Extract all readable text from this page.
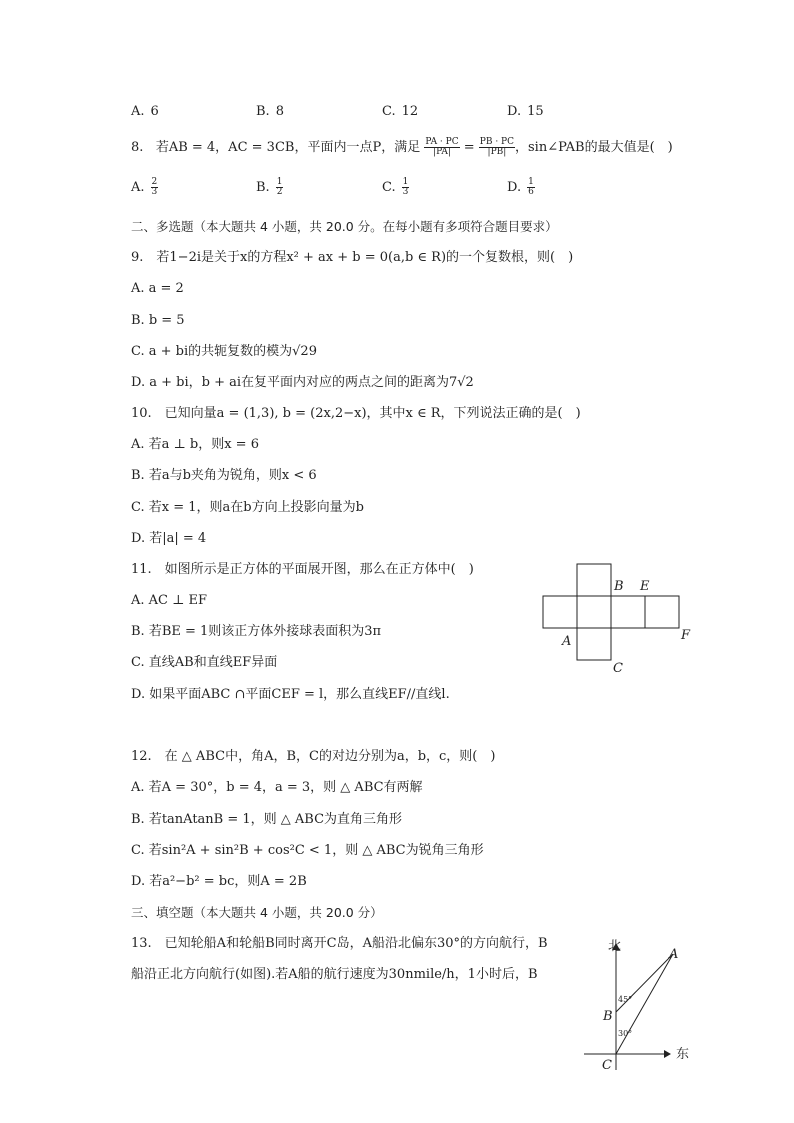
A. 6	B. 8	C. 12	D. 15
8. 若AB = 4，AC = 3CB，平面内一点P，满足 $\frac{PA \cdot PC}{|PA|} = \frac{PB \cdot PC}{|PB|}$ ，sin∠PAB的最大值是(　)
A. $\frac{2}{3}$	B. $\frac{1}{2}$	C. $\frac{1}{3}$	D. $\frac{1}{6}$
二、多选题（本大题共 4 小题，共 20.0 分。在每小题有多项符合题目要求）
9.　若1−2i是关于x的方程x² + ax + b = 0(a,b ∈ R)的一个复数根，则(　)
A. a = 2
B. b = 5
C. a + bi的共轭复数的模为√29
D. a + bi，b + ai在复平面内对应的两点之间的距离为7√2
10.　已知向量a = (1,3), b = (2x,2−x)，其中x ∈ R，下列说法正确的是(　)
A. 若a ⊥ b，则x = 6
B. 若a与b夹角为锐角，则x < 6
C. 若x = 1，则a在b方向上投影向量为b
D. 若|a| = 4
11.　如图所示是正方体的平面展开图，那么在正方体中(　)
A. AC ⊥ EF
B. 若BE = 1则该正方体外接球表面积为3π
C. 直线AB和直线EF异面
D. 如果平面ABC ∩平面CEF = l，那么直线EF//直线l.
B E
A	F
C
12.　在 △ ABC中，角A，B，C的对边分别为a，b，c，则(　)
A. 若A = 30°，b = 4，a = 3，则 △ ABC有两解
B. 若tanAtanB = 1，则 △ ABC为直角三角形
C. 若sin²A + sin²B + cos²C < 1，则 △ ABC为锐角三角形
D. 若a²−b² = bc，则A = 2B
三、填空题（本大题共 4 小题，共 20.0 分）
13.　已知轮船A和轮船B同时离开C岛，A船沿北偏东30°的方向航行，B
船沿正北方向航行(如图).若A船的航行速度为30nmile/h，1小时后，B
北
东
A
B
C
45°
30°
